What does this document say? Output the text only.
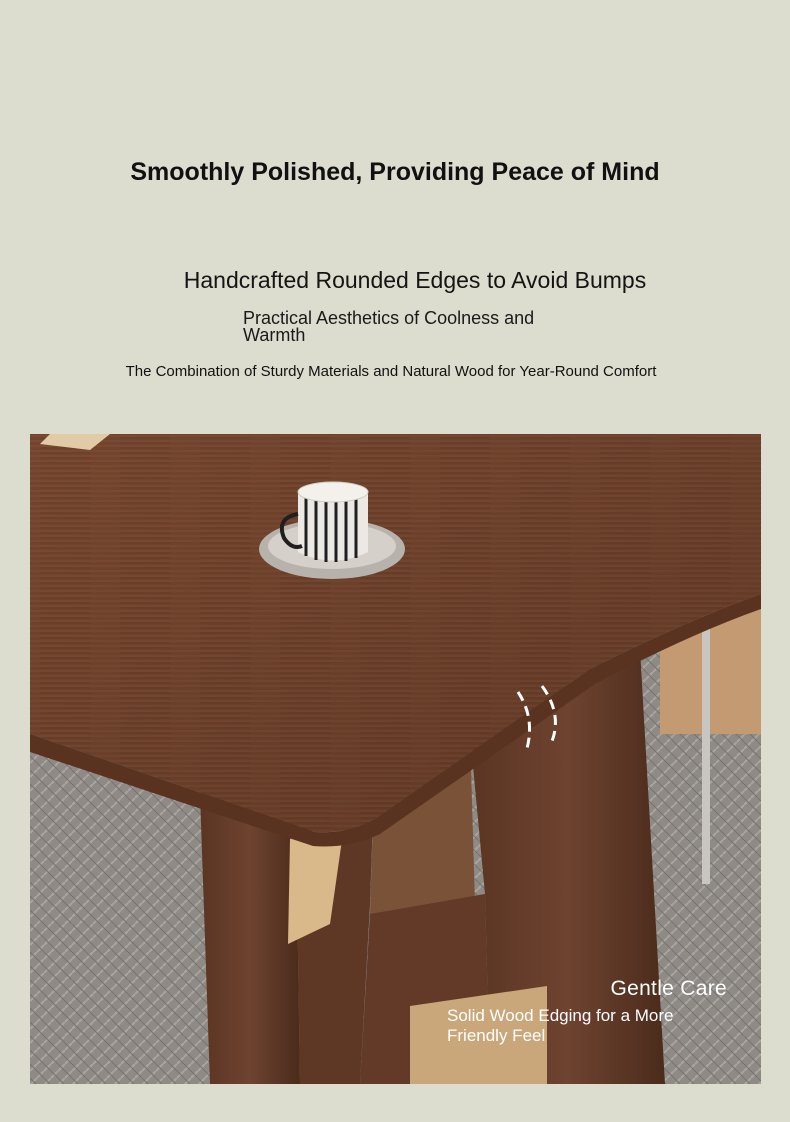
Smoothly Polished, Providing Peace of Mind
Handcrafted Rounded Edges to Avoid Bumps
Practical Aesthetics of Coolness and Warmth
The Combination of Sturdy Materials and Natural Wood for Year-Round Comfort
Gentle Care
Solid Wood Edging for a More Friendly Feel
